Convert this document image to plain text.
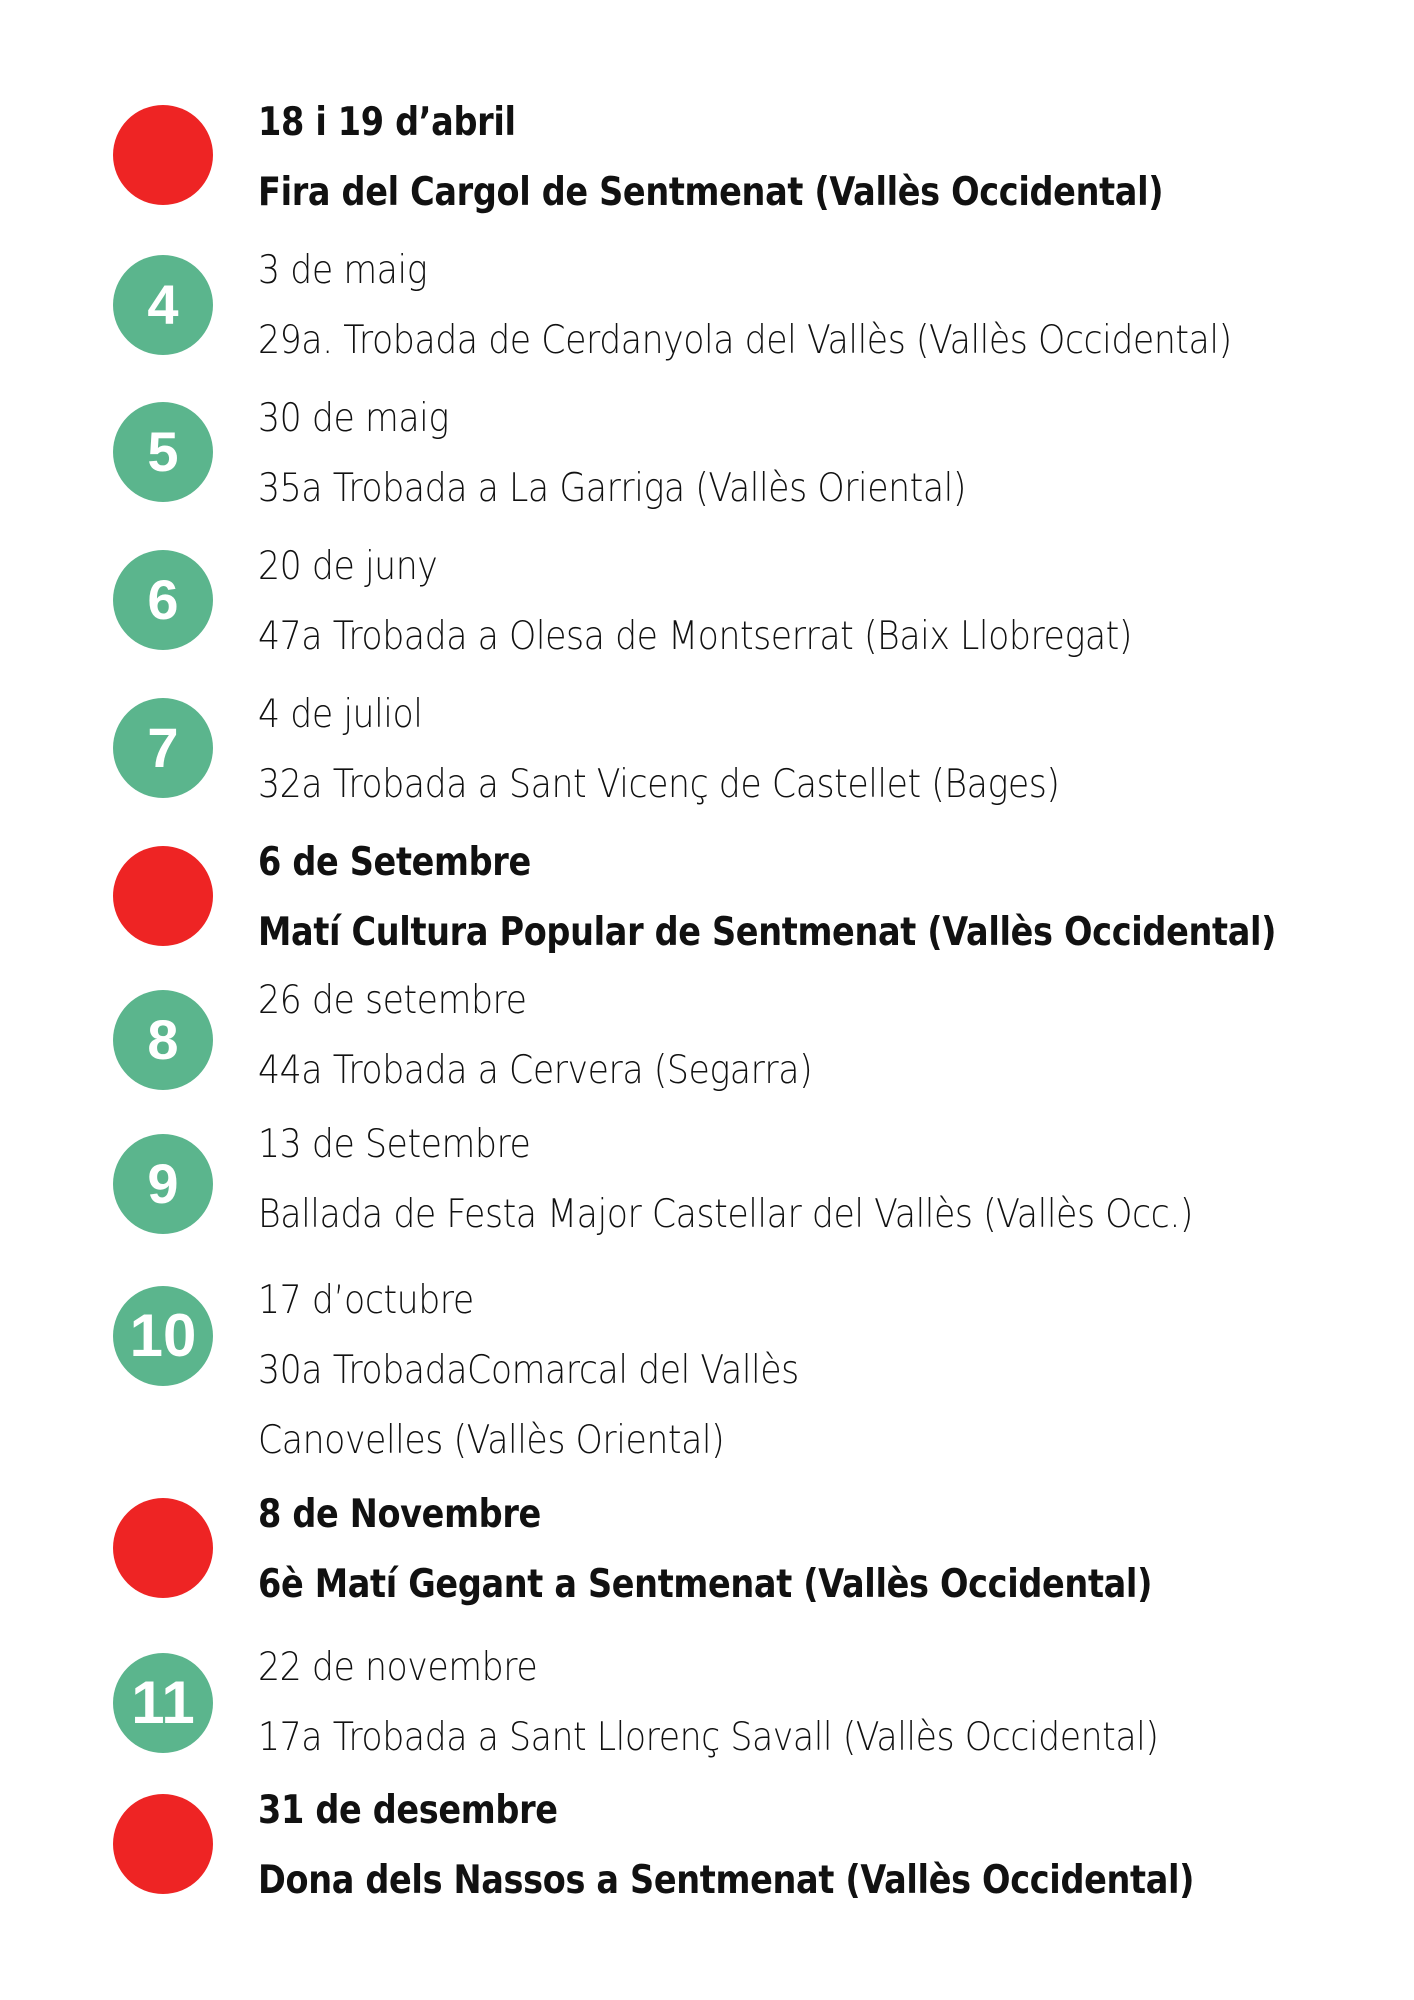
18 i 19 d’abril
Fira del Cargol de Sentmenat (Vallès Occidental)
4
3 de maig
29a. Trobada de Cerdanyola del Vallès (Vallès Occidental)
5
30 de maig
35a Trobada a La Garriga (Vallès Oriental)
6
20 de juny
47a Trobada a Olesa de Montserrat (Baix Llobregat)
7
4 de juliol
32a Trobada a Sant Vicenç de Castellet (Bages)
6 de Setembre
Matí Cultura Popular de Sentmenat (Vallès Occidental)
8
26 de setembre
44a Trobada a Cervera (Segarra)
9
13 de Setembre
Ballada de Festa Major Castellar del Vallès (Vallès Occ.)
10
17 d’octubre
30a TrobadaComarcal del Vallès
Canovelles (Vallès Oriental)
8 de Novembre
6è Matí Gegant a Sentmenat (Vallès Occidental)
11
22 de novembre
17a Trobada a Sant Llorenç Savall (Vallès Occidental)
31 de desembre
Dona dels Nassos a Sentmenat (Vallès Occidental)
